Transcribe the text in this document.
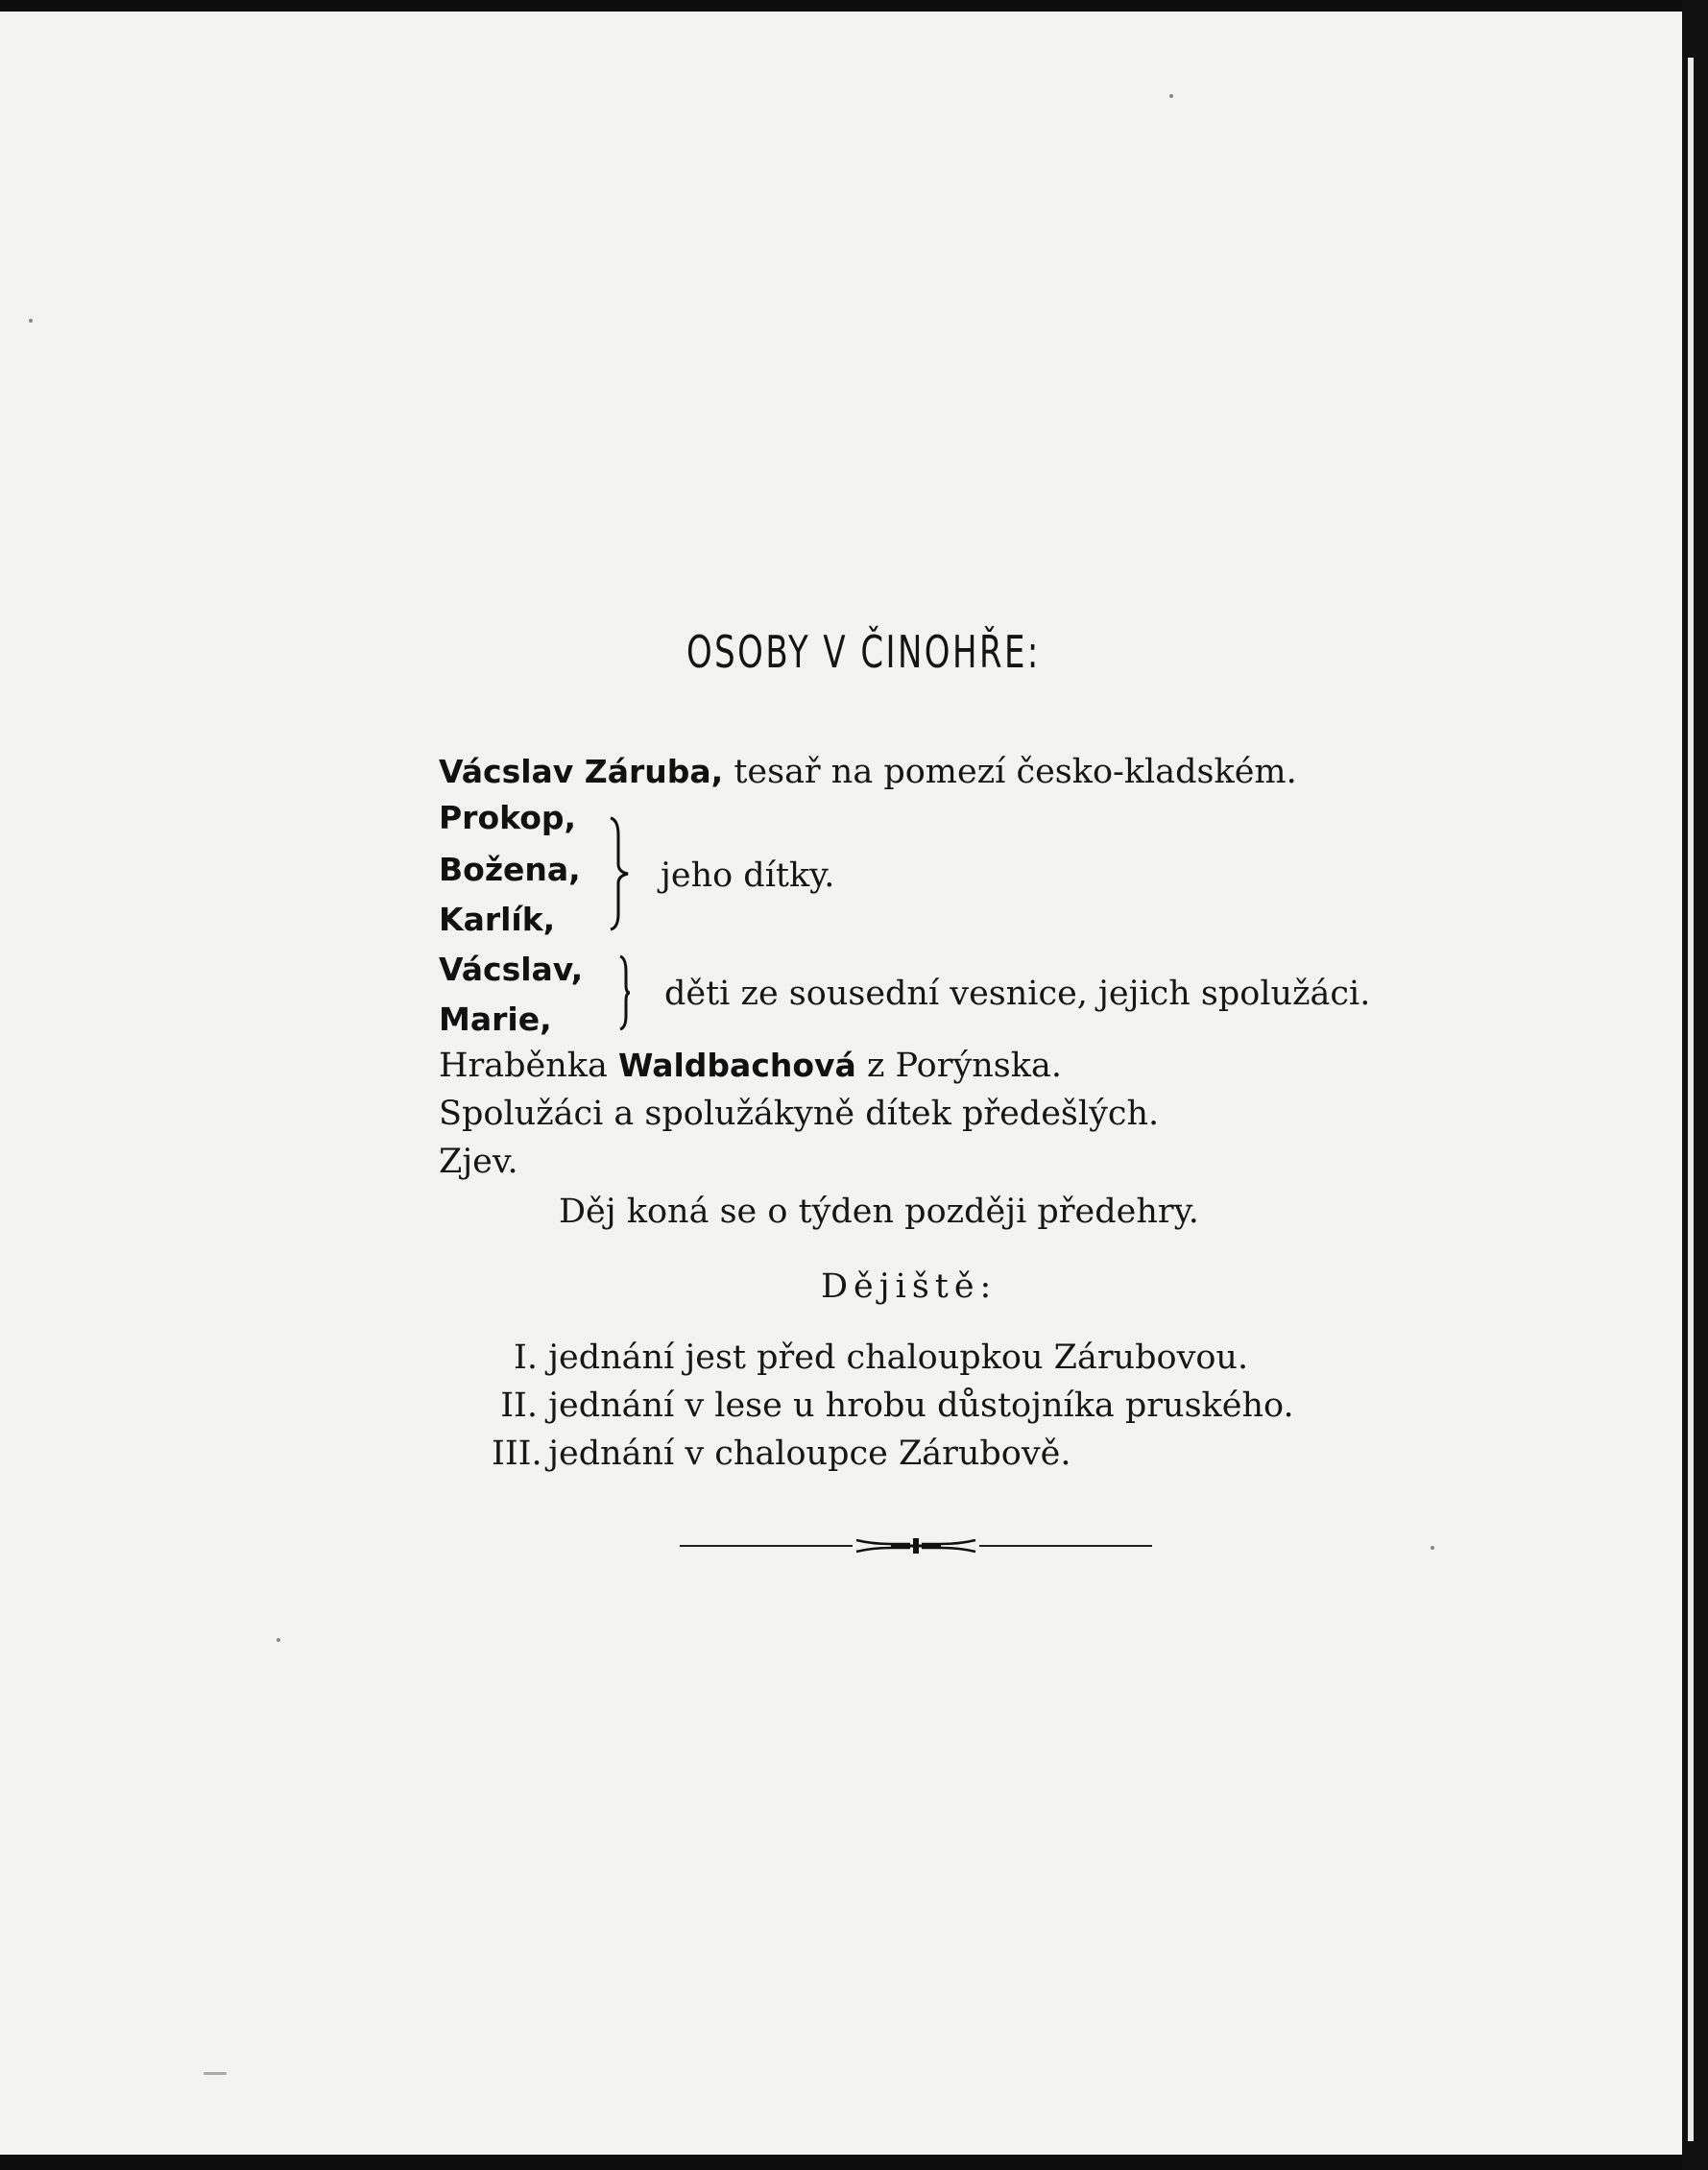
OSOBY V ČINOHŘE:
Vácslav Záruba, tesař na pomezí česko-kladském.
Prokop,
Božena,
Karlík,
jeho dítky.
Vácslav,
Marie,
děti ze sousední vesnice, jejich spolužáci.
Hraběnka Waldbachová z Porýnska.
Spolužáci a spolužákyně dítek předešlých.
Zjev.
Děj koná se o týden později předehry.
Dějiště:
I. jednání jest před chaloupkou Zárubovou.
II. jednání v lese u hrobu důstojníka pruského.
III. jednání v chaloupce Zárubově.
